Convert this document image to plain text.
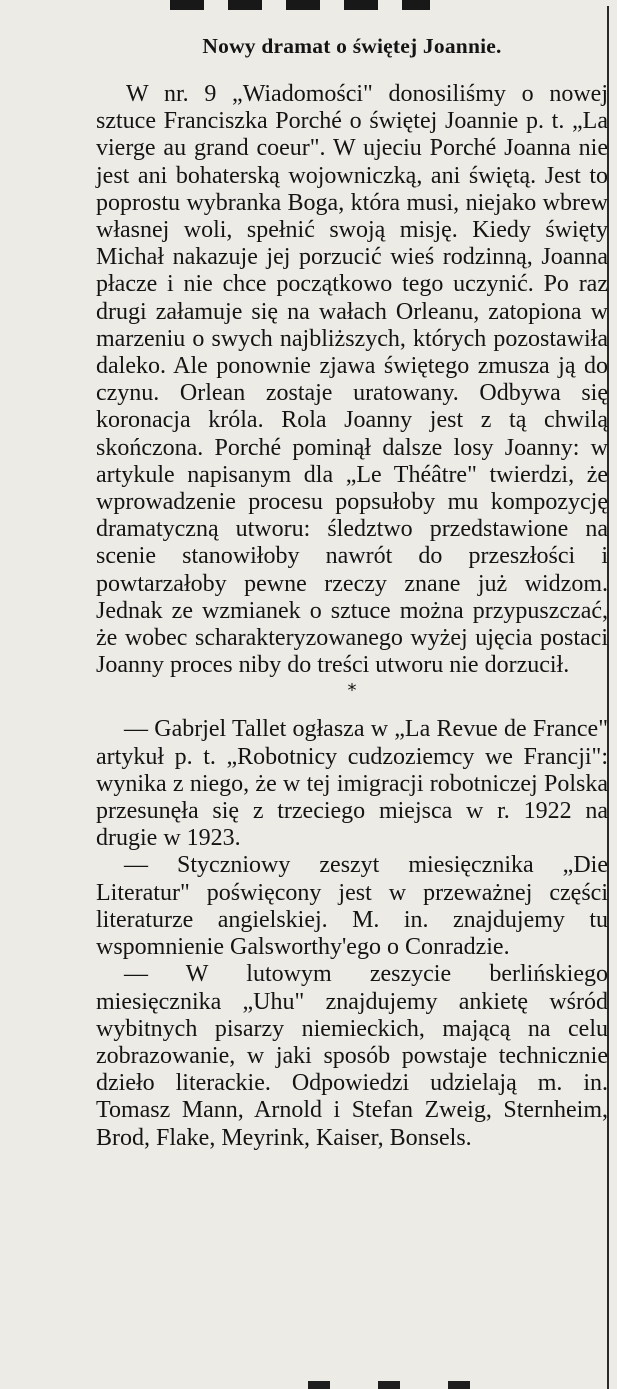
Nowy dramat o świętej Joannie.

W nr. 9 „Wiadomości" donosiliśmy o nowej sztuce Franciszka Porché o świętej Joannie p. t. „La vierge au grand coeur". W ujeciu Porché Joanna nie jest ani bohaterską wojowniczką, ani świętą. Jest to poprostu wybranka Boga, która musi, niejako wbrew własnej woli, spełnić swoją misję. Kiedy święty Michał nakazuje jej porzucić wieś rodzinną, Joanna płacze i nie chce początkowo tego uczynić. Po raz drugi załamuje się na wałach Orleanu, zatopiona w marzeniu o swych najbliższych, których pozostawiła daleko. Ale ponownie zjawa świętego zmusza ją do czynu. Orlean zostaje uratowany. Odbywa się koronacja króla. Rola Joanny jest z tą chwilą skończona. Porché pominął dalsze losy Joanny: w artykule napisanym dla „Le Théâtre" twierdzi, że wprowadzenie procesu popsułoby mu kompozycję dramatyczną utworu: śledztwo przedstawione na scenie stanowiłoby nawrót do przeszłości i powtarzałoby pewne rzeczy znane już widzom. Jednak ze wzmianek o sztuce można przypuszczać, że wobec scharakteryzowanego wyżej ujęcia postaci Joanny proces niby do treści utworu nie dorzucił.

*

— Gabrjel Tallet ogłasza w „La Revue de France" artykuł p. t. „Robotnicy cudzoziemcy we Francji": wynika z niego, że w tej imigracji robotniczej Polska przesunęła się z trzeciego miejsca w r. 1922 na drugie w 1923.

— Styczniowy zeszyt miesięcznika „Die Literatur" poświęcony jest w przeważnej części literaturze angielskiej. M. in. znajdujemy tu wspomnienie Galsworthy'ego o Conradzie.

— W lutowym zeszycie berlińskiego miesięcznika „Uhu" znajdujemy ankietę wśród wybitnych pisarzy niemieckich, mającą na celu zobrazowanie, w jaki sposób powstaje technicznie dzieło literackie. Odpowiedzi udzielają m. in. Tomasz Mann, Arnold i Stefan Zweig, Sternheim, Brod, Flake, Meyrink, Kaiser, Bonsels.
